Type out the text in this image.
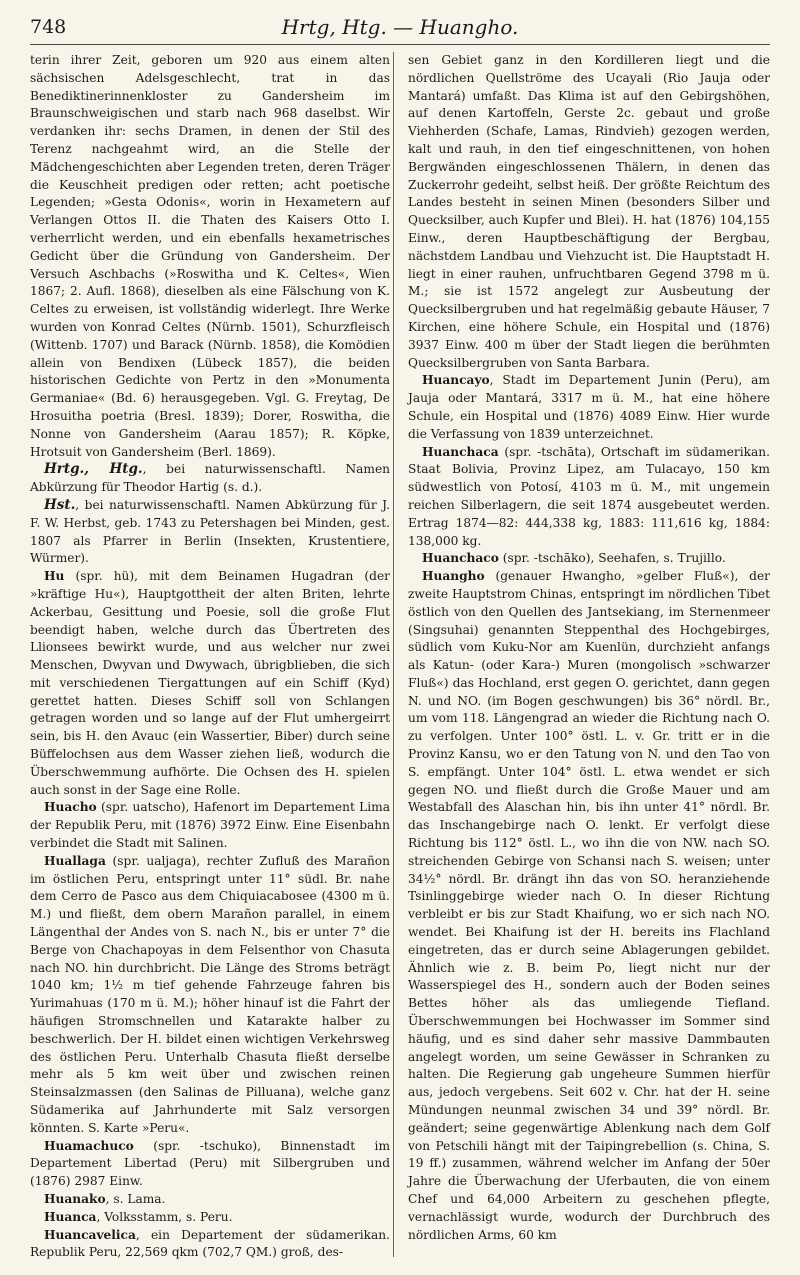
748	Hrtg, Htg. — Huangho.

terin ihrer Zeit, geboren um 920 aus einem alten sächsischen Adelsgeschlecht, trat in das Benediktinerinnenkloster zu Gandersheim im Braunschweigischen und starb nach 968 daselbst. Wir verdanken ihr: sechs Dramen, in denen der Stil des Terenz nachgeahmt wird, an die Stelle der Mädchengeschichten aber Legenden treten, deren Träger die Keuschheit predigen oder retten; acht poetische Legenden; »Gesta Odonis«, worin in Hexametern auf Verlangen Ottos II. die Thaten des Kaisers Otto I. verherrlicht werden, und ein ebenfalls hexametrisches Gedicht über die Gründung von Gandersheim. Der Versuch Aschbachs (»Roswitha und K. Celtes«, Wien 1867; 2. Aufl. 1868), dieselben als eine Fälschung von K. Celtes zu erweisen, ist vollständig widerlegt. Ihre Werke wurden von Konrad Celtes (Nürnb. 1501), Schurzfleisch (Wittenb. 1707) und Barack (Nürnb. 1858), die Komödien allein von Bendixen (Lübeck 1857), die beiden historischen Gedichte von Pertz in den »Monumenta Germaniae« (Bd. 6) herausgegeben. Vgl. G. Freytag, De Hrosuitha poetria (Bresl. 1839); Dorer, Roswitha, die Nonne von Gandersheim (Aarau 1857); R. Köpke, Hrotsuit von Gandersheim (Berl. 1869).

Hrtg., Htg., bei naturwissenschaftl. Namen Abkürzung für Theodor Hartig (s. d.).

Hst., bei naturwissenschaftl. Namen Abkürzung für J. F. W. Herbst, geb. 1743 zu Petershagen bei Minden, gest. 1807 als Pfarrer in Berlin (Insekten, Krustentiere, Würmer).

Hu (spr. hü), mit dem Beinamen Hugadran (der »kräftige Hu«), Hauptgottheit der alten Briten, lehrte Ackerbau, Gesittung und Poesie, soll die große Flut beendigt haben, welche durch das Übertreten des Llionsees bewirkt wurde, und aus welcher nur zwei Menschen, Dwyvan und Dwywach, übrigblieben, die sich mit verschiedenen Tiergattungen auf ein Schiff (Kyd) gerettet hatten. Dieses Schiff soll von Schlangen getragen worden und so lange auf der Flut umhergeirrt sein, bis H. den Avauc (ein Wassertier, Biber) durch seine Büffelochsen aus dem Wasser ziehen ließ, wodurch die Überschwemmung aufhörte. Die Ochsen des H. spielen auch sonst in der Sage eine Rolle.

Huacho (spr. uatscho), Hafenort im Departement Lima der Republik Peru, mit (1876) 3972 Einw. Eine Eisenbahn verbindet die Stadt mit Salinen.

Huallaga (spr. ualjaga), rechter Zufluß des Marañon im östlichen Peru, entspringt unter 11° südl. Br. nahe dem Cerro de Pasco aus dem Chiquiacabosee (4300 m ü. M.) und fließt, dem obern Marañon parallel, in einem Längenthal der Andes von S. nach N., bis er unter 7° die Berge von Chachapoyas in dem Felsenthor von Chasuta nach NO. hin durchbricht. Die Länge des Stroms beträgt 1040 km; 1½ m tief gehende Fahrzeuge fahren bis Yurimahuas (170 m ü. M.); höher hinauf ist die Fahrt der häufigen Stromschnellen und Katarakte halber zu beschwerlich. Der H. bildet einen wichtigen Verkehrsweg des östlichen Peru. Unterhalb Chasuta fließt derselbe mehr als 5 km weit über und zwischen reinen Steinsalzmassen (den Salinas de Pilluana), welche ganz Südamerika auf Jahrhunderte mit Salz versorgen könnten. S. Karte »Peru«.

Huamachuco (spr. -tschuko), Binnenstadt im Departement Libertad (Peru) mit Silbergruben und (1876) 2987 Einw.

Huanako, s. Lama.

Huanca, Volksstamm, s. Peru.

Huancavelica, ein Departement der südamerikan. Republik Peru, 22,569 qkm (702,7 QM.) groß, des-

sen Gebiet ganz in den Kordilleren liegt und die nördlichen Quellströme des Ucayali (Rio Jauja oder Mantará) umfaßt. Das Klima ist auf den Gebirgshöhen, auf denen Kartoffeln, Gerste 2c. gebaut und große Viehherden (Schafe, Lamas, Rindvieh) gezogen werden, kalt und rauh, in den tief eingeschnittenen, von hohen Bergwänden eingeschlossenen Thälern, in denen das Zuckerrohr gedeiht, selbst heiß. Der größte Reichtum des Landes besteht in seinen Minen (besonders Silber und Quecksilber, auch Kupfer und Blei). H. hat (1876) 104,155 Einw., deren Hauptbeschäftigung der Bergbau, nächstdem Landbau und Viehzucht ist. Die Hauptstadt H. liegt in einer rauhen, unfruchtbaren Gegend 3798 m ü. M.; sie ist 1572 angelegt zur Ausbeutung der Quecksilbergruben und hat regelmäßig gebaute Häuser, 7 Kirchen, eine höhere Schule, ein Hospital und (1876) 3937 Einw. 400 m über der Stadt liegen die berühmten Quecksilbergruben von Santa Barbara.

Huancayo, Stadt im Departement Junin (Peru), am Jauja oder Mantará, 3317 m ü. M., hat eine höhere Schule, ein Hospital und (1876) 4089 Einw. Hier wurde die Verfassung von 1839 unterzeichnet.

Huanchaca (spr. -tschāta), Ortschaft im südamerikan. Staat Bolivia, Provinz Lipez, am Tulacayo, 150 km südwestlich von Potosí, 4103 m ü. M., mit ungemein reichen Silberlagern, die seit 1874 ausgebeutet werden. Ertrag 1874—82: 444,338 kg, 1883: 111,616 kg, 1884: 138,000 kg.

Huanchaco (spr. -tschāko), Seehafen, s. Trujillo.

Huangho (genauer Hwangho, »gelber Fluß«), der zweite Hauptstrom Chinas, entspringt im nördlichen Tibet östlich von den Quellen des Jantsekiang, im Sternenmeer (Singsuhai) genannten Steppenthal des Hochgebirges, südlich vom Kuku-Nor am Kuenlün, durchzieht anfangs als Katun- (oder Kara-) Muren (mongolisch »schwarzer Fluß«) das Hochland, erst gegen O. gerichtet, dann gegen N. und NO. (im Bogen geschwungen) bis 36° nördl. Br., um vom 118. Längengrad an wieder die Richtung nach O. zu verfolgen. Unter 100° östl. L. v. Gr. tritt er in die Provinz Kansu, wo er den Tatung von N. und den Tao von S. empfängt. Unter 104° östl. L. etwa wendet er sich gegen NO. und fließt durch die Große Mauer und am Westabfall des Alaschan hin, bis ihn unter 41° nördl. Br. das Inschangebirge nach O. lenkt. Er verfolgt diese Richtung bis 112° östl. L., wo ihn die von NW. nach SO. streichenden Gebirge von Schansi nach S. weisen; unter 34½° nördl. Br. drängt ihn das von SO. heranziehende Tsinlinggebirge wieder nach O. In dieser Richtung verbleibt er bis zur Stadt Khaifung, wo er sich nach NO. wendet. Bei Khaifung ist der H. bereits ins Flachland eingetreten, das er durch seine Ablagerungen gebildet. Ähnlich wie z. B. beim Po, liegt nicht nur der Wasserspiegel des H., sondern auch der Boden seines Bettes höher als das umliegende Tiefland. Überschwemmungen bei Hochwasser im Sommer sind häufig, und es sind daher sehr massive Dammbauten angelegt worden, um seine Gewässer in Schranken zu halten. Die Regierung gab ungeheure Summen hierfür aus, jedoch vergebens. Seit 602 v. Chr. hat der H. seine Mündungen neunmal zwischen 34 und 39° nördl. Br. geändert; seine gegenwärtige Ablenkung nach dem Golf von Petschili hängt mit der Taipingrebellion (s. China, S. 19 ff.) zusammen, während welcher im Anfang der 50er Jahre die Überwachung der Uferbauten, die von einem Chef und 64,000 Arbeitern zu geschehen pflegte, vernachlässigt wurde, wodurch der Durchbruch des nördlichen Arms, 60 km
